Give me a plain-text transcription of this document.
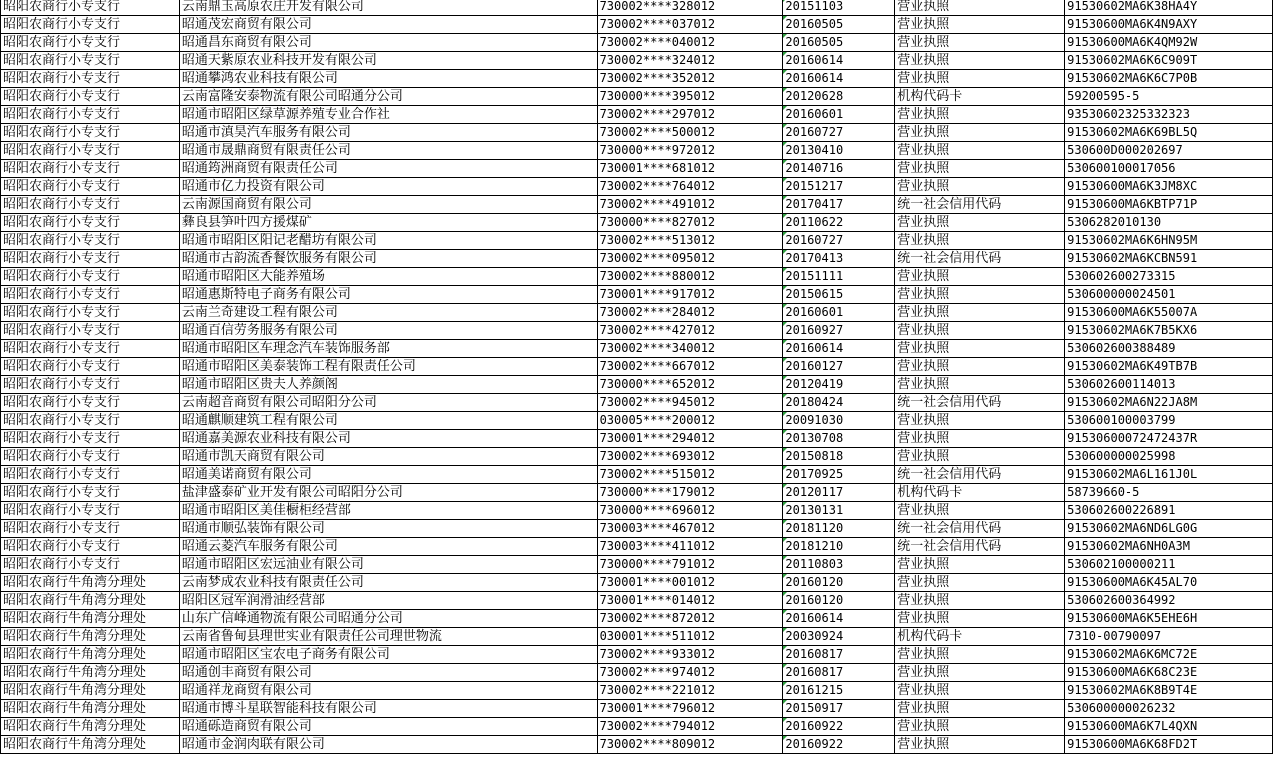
昭阳农商行小专支行	云南鼎玉高原农庄开发有限公司	730002****328012	20151103	营业执照	91530602MA6K38HA4Y
昭阳农商行小专支行	昭通茂宏商贸有限公司	730002****037012	20160505	营业执照	91530600MA6K4N9AXY
昭阳农商行小专支行	昭通昌东商贸有限公司	730002****040012	20160505	营业执照	91530600MA6K4QM92W
昭阳农商行小专支行	昭通天紫原农业科技开发有限公司	730002****324012	20160614	营业执照	91530602MA6K6C909T
昭阳农商行小专支行	昭通攀鸿农业科技有限公司	730002****352012	20160614	营业执照	91530602MA6K6C7P0B
昭阳农商行小专支行	云南富隆安泰物流有限公司昭通分公司	730000****395012	20120628	机构代码卡	59200595-5
昭阳农商行小专支行	昭通市昭阳区绿草源养殖专业合作社	730002****297012	20160601	营业执照	93530602325332323
昭阳农商行小专支行	昭通市滇昊汽车服务有限公司	730002****500012	20160727	营业执照	91530602MA6K69BL5Q
昭阳农商行小专支行	昭通市晟鼎商贸有限责任公司	730000****972012	20130410	营业执照	530600D000202697
昭阳农商行小专支行	昭通筠洲商贸有限责任公司	730001****681012	20140716	营业执照	530600100017056
昭阳农商行小专支行	昭通市亿力投资有限公司	730002****764012	20151217	营业执照	91530600MA6K3JM8XC
昭阳农商行小专支行	云南源国商贸有限公司	730002****491012	20170417	统一社会信用代码	91530600MA6KBTP71P
昭阳农商行小专支行	彝良县笋叶四方援煤矿	730000****827012	20110622	营业执照	5306282010130
昭阳农商行小专支行	昭通市昭阳区阳记老醋坊有限公司	730002****513012	20160727	营业执照	91530602MA6K6HN95M
昭阳农商行小专支行	昭通市古韵流香餐饮服务有限公司	730002****095012	20170413	统一社会信用代码	91530602MA6KCBN591
昭阳农商行小专支行	昭通市昭阳区大能养殖场	730002****880012	20151111	营业执照	530602600273315
昭阳农商行小专支行	昭通惠斯特电子商务有限公司	730001****917012	20150615	营业执照	530600000024501
昭阳农商行小专支行	云南兰奇建设工程有限公司	730002****284012	20160601	营业执照	91530600MA6K55007A
昭阳农商行小专支行	昭通百信劳务服务有限公司	730002****427012	20160927	营业执照	91530602MA6K7B5KX6
昭阳农商行小专支行	昭通市昭阳区车理念汽车装饰服务部	730002****340012	20160614	营业执照	530602600388489
昭阳农商行小专支行	昭通市昭阳区美泰装饰工程有限责任公司	730002****667012	20160127	营业执照	91530602MA6K49TB7B
昭阳农商行小专支行	昭通市昭阳区贵夫人养颜阁	730000****652012	20120419	营业执照	530602600114013
昭阳农商行小专支行	云南超音商贸有限公司昭阳分公司	730002****945012	20180424	统一社会信用代码	91530602MA6N22JA8M
昭阳农商行小专支行	昭通麒顺建筑工程有限公司	030005****200012	20091030	营业执照	530600100003799
昭阳农商行小专支行	昭通嘉美源农业科技有限公司	730001****294012	20130708	营业执照	91530600072472437R
昭阳农商行小专支行	昭通市凯天商贸有限公司	730002****693012	20150818	营业执照	530600000025998
昭阳农商行小专支行	昭通美诺商贸有限公司	730002****515012	20170925	统一社会信用代码	91530602MA6L161J0L
昭阳农商行小专支行	盐津盛泰矿业开发有限公司昭阳分公司	730000****179012	20120117	机构代码卡	58739660-5
昭阳农商行小专支行	昭通市昭阳区美佳橱柜经营部	730000****696012	20130131	营业执照	530602600226891
昭阳农商行小专支行	昭通市顺弘装饰有限公司	730003****467012	20181120	统一社会信用代码	91530602MA6ND6LG0G
昭阳农商行小专支行	昭通云菱汽车服务有限公司	730003****411012	20181210	统一社会信用代码	91530602MA6NH0A3M
昭阳农商行小专支行	昭通市昭阳区宏远油业有限公司	730000****791012	20110803	营业执照	530602100000211
昭阳农商行牛角湾分理处	云南梦成农业科技有限责任公司	730001****001012	20160120	营业执照	91530600MA6K45AL70
昭阳农商行牛角湾分理处	昭阳区冠军润滑油经营部	730001****014012	20160120	营业执照	530602600364992
昭阳农商行牛角湾分理处	山东广信峰通物流有限公司昭通分公司	730002****872012	20160614	营业执照	91530600MA6K5EHE6H
昭阳农商行牛角湾分理处	云南省鲁甸县理世实业有限责任公司理世物流	030001****511012	20030924	机构代码卡	7310-00790097
昭阳农商行牛角湾分理处	昭通市昭阳区宝农电子商务有限公司	730002****933012	20160817	营业执照	91530602MA6K6MC72E
昭阳农商行牛角湾分理处	昭通创丰商贸有限公司	730002****974012	20160817	营业执照	91530600MA6K68C23E
昭阳农商行牛角湾分理处	昭通祥龙商贸有限公司	730002****221012	20161215	营业执照	91530602MA6K8B9T4E
昭阳农商行牛角湾分理处	昭通市博斗星联智能科技有限公司	730001****796012	20150917	营业执照	530600000026232
昭阳农商行牛角湾分理处	昭通砾造商贸有限公司	730002****794012	20160922	营业执照	91530600MA6K7L4QXN
昭阳农商行牛角湾分理处	昭通市金润肉联有限公司	730002****809012	20160922	营业执照	91530600MA6K68FD2T
